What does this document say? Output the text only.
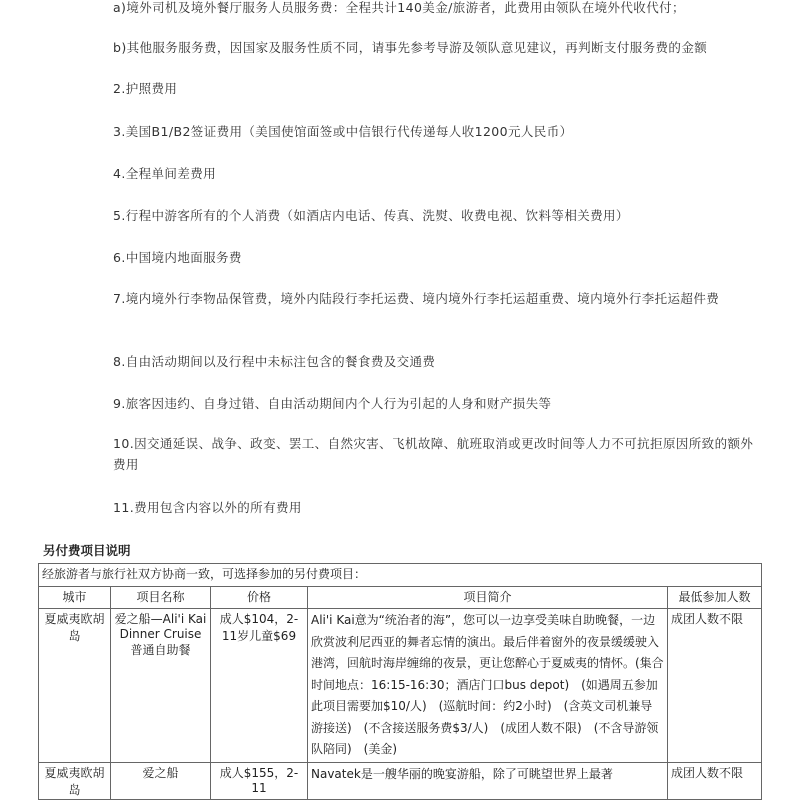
a)境外司机及境外餐厅服务人员服务费：全程共计140美金/旅游者，此费用由领队在境外代收代付；
b)其他服务服务费，因国家及服务性质不同，请事先参考导游及领队意见建议，再判断支付服务费的金额
2.护照费用
3.美国B1/B2签证费用（美国使馆面签或中信银行代传递每人收1200元人民币）
4.全程单间差费用
5.行程中游客所有的个人消费（如酒店内电话、传真、洗熨、收费电视、饮料等相关费用）
6.中国境内地面服务费
7.境内境外行李物品保管费，境外内陆段行李托运费、境内境外行李托运超重费、境内境外行李托运超件费
8.自由活动期间以及行程中未标注包含的餐食费及交通费
9.旅客因违约、自身过错、自由活动期间内个人行为引起的人身和财产损失等
10.因交通延误、战争、政变、罢工、自然灾害、飞机故障、航班取消或更改时间等人力不可抗拒原因所致的额外费用
11.费用包含内容以外的所有费用
另付费项目说明
经旅游者与旅行社双方协商一致，可选择参加的另付费项目：				
城市	项目名称	价格	项目简介	最低参加人数
夏威夷欧胡岛	爱之船—Ali'i Kai Dinner Cruise普通自助餐	成人$104，2-11岁儿童$69	Ali'i Kai意为“统治者的海”，您可以一边享受美味自助晚餐，一边欣赏波利尼西亚的舞者忘情的演出。最后伴着窗外的夜景缓缓驶入港湾，回航时海岸缠绵的夜景，更让您醉心于夏威夷的情怀。(集合时间地点：16:15-16:30；酒店门口bus depot)　(如遇周五参加此项目需要加$10/人)　(巡航时间：约2小时)　(含英文司机兼导游接送)　(不含接送服务费$3/人)　(成团人数不限)　(不含导游领队陪同)　(美金)	成团人数不限
夏威夷欧胡岛	爱之船	成人$155，2-11	Navatek是一艘华丽的晚宴游船，除了可眺望世界上最著	成团人数不限
